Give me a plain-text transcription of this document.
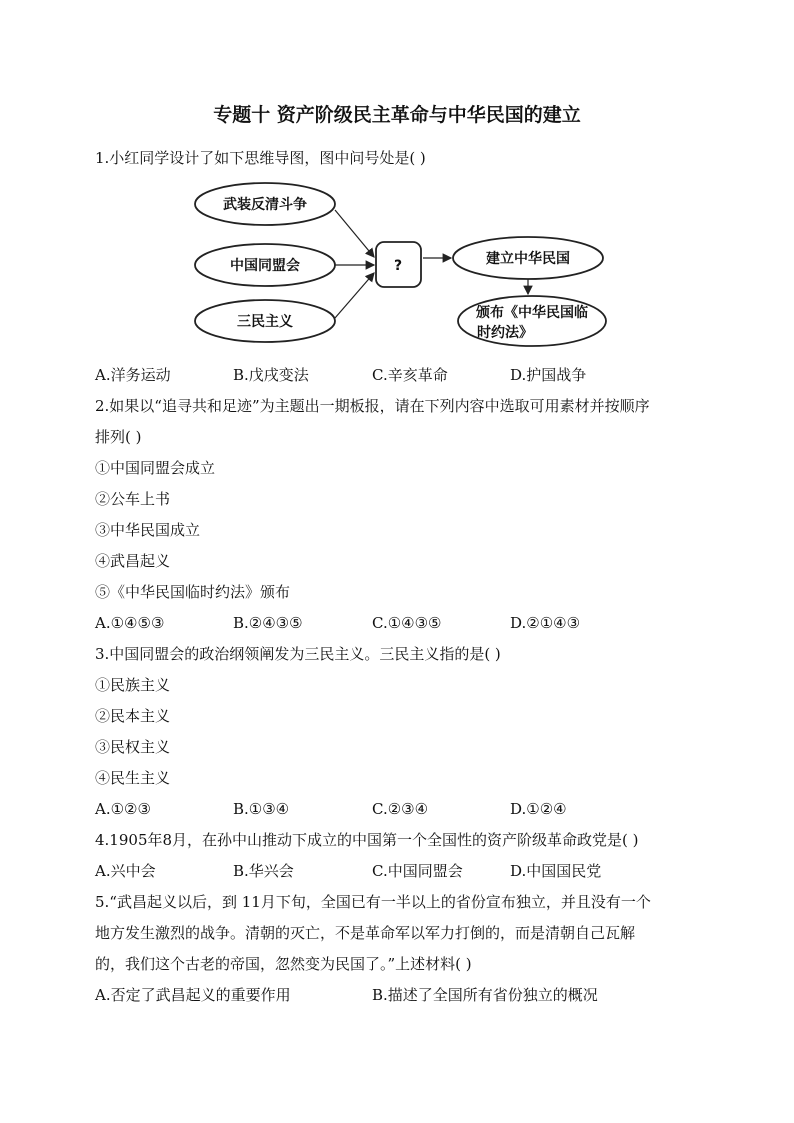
专题十 资产阶级民主革命与中华民国的建立
1.小红同学设计了如下思维导图，图中问号处是( )
武装反清斗争
中国同盟会
三民主义
?	建立中华民国
颁布《中华民国临
时约法》
A.洋务运动	B.戊戌变法	C.辛亥革命	D.护国战争
2.如果以“追寻共和足迹”为主题出一期板报，请在下列内容中选取可用素材并按顺序
排列( )
①中国同盟会成立
②公车上书
③中华民国成立
④武昌起义
⑤《中华民国临时约法》颁布
A.①④⑤③	B.②④③⑤	C.①④③⑤	D.②①④③
3.中国同盟会的政治纲领阐发为三民主义。三民主义指的是( )
①民族主义
②民本主义
③民权主义
④民生主义
A.①②③	B.①③④	C.②③④	D.①②④
4.1905年8月，在孙中山推动下成立的中国第一个全国性的资产阶级革命政党是( )
A.兴中会	B.华兴会	C.中国同盟会	D.中国国民党
5.“武昌起义以后，到 11月下旬，全国已有一半以上的省份宣布独立，并且没有一个
地方发生激烈的战争。清朝的灭亡，不是革命军以军力打倒的，而是清朝自己瓦解
的，我们这个古老的帝国，忽然变为民国了。”上述材料( )
A.否定了武昌起义的重要作用	B.描述了全国所有省份独立的概况
